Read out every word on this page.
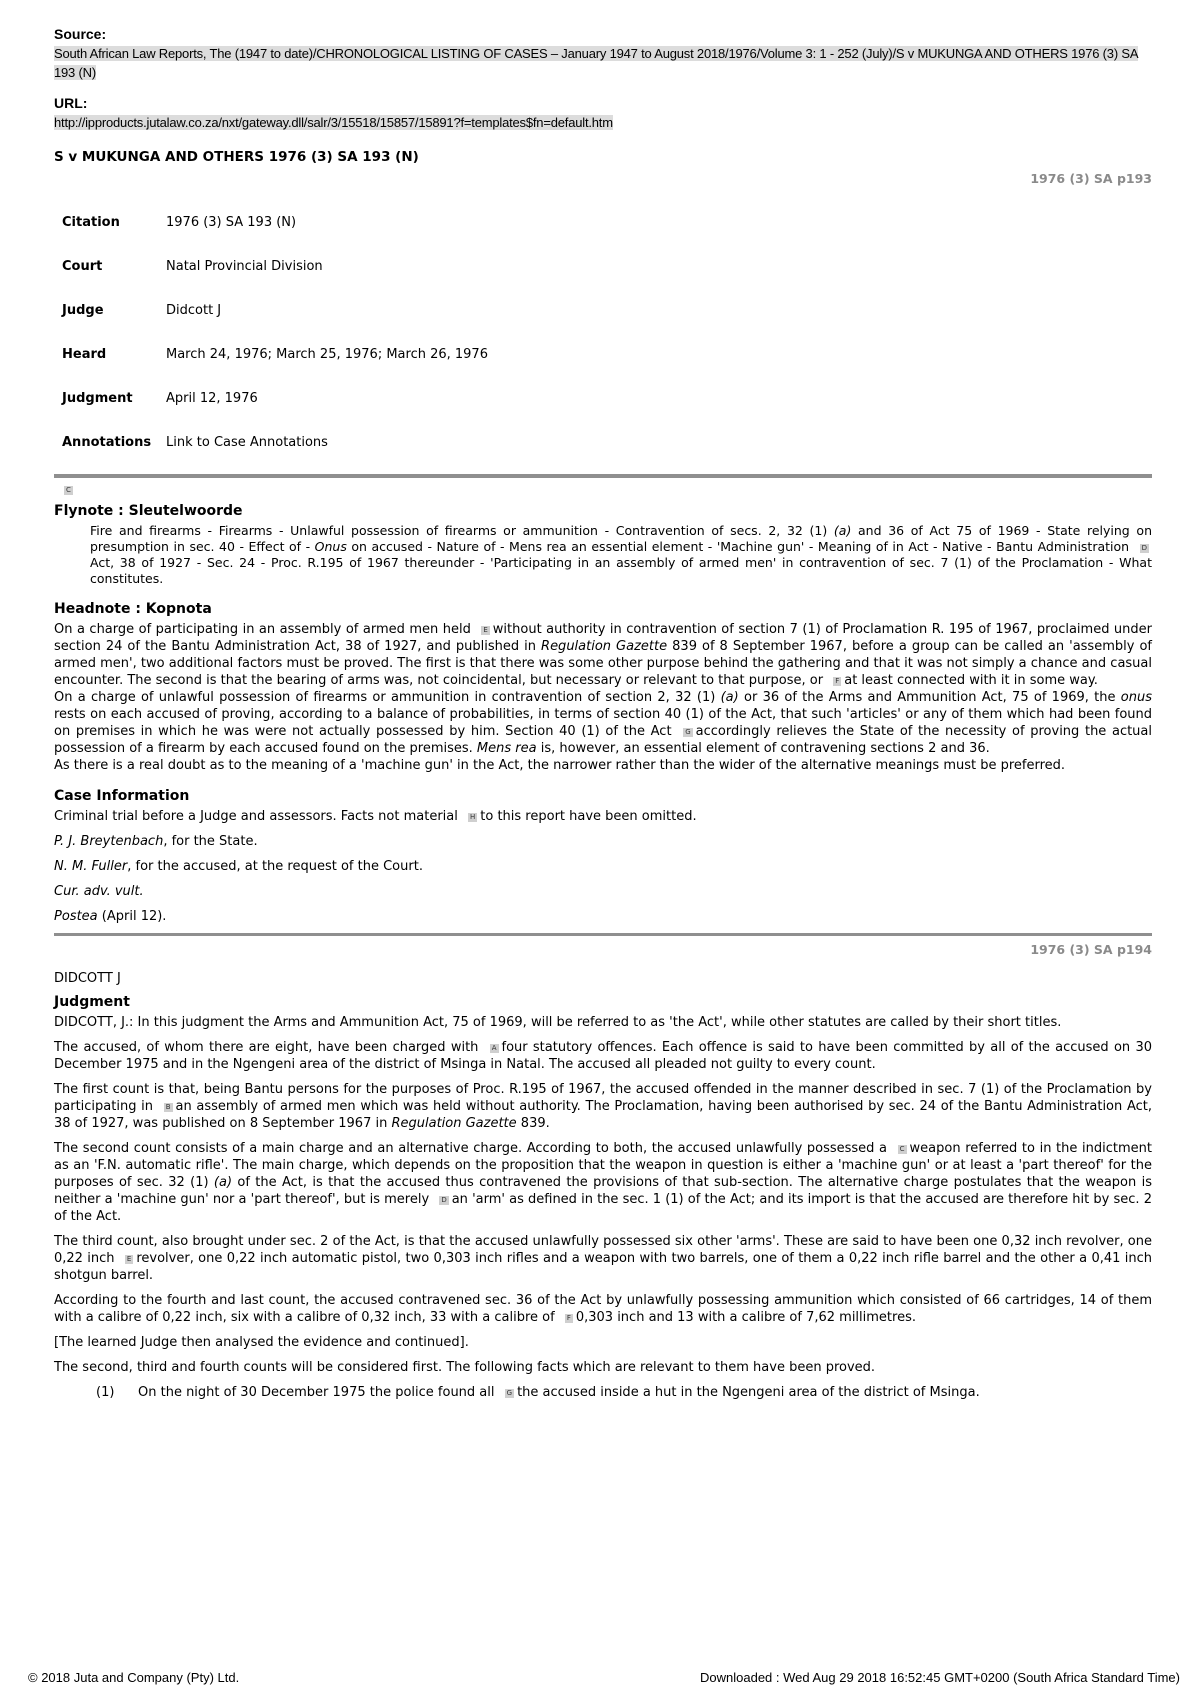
Source:
South African Law Reports, The (1947 to date)/CHRONOLOGICAL LISTING OF CASES – January 1947 to August 2018/1976/Volume 3: 1 - 252 (July)/S v MUKUNGA AND OTHERS 1976 (3) SA 193 (N)
URL:
http://ipproducts.jutalaw.co.za/nxt/gateway.dll/salr/3/15518/15857/15891?f=templates$fn=default.htm
S v MUKUNGA AND OTHERS 1976 (3) SA 193 (N)
1976 (3) SA p193
Citation	1976 (3) SA 193 (N)
Court	Natal Provincial Division
Judge	Didcott J
Heard	March 24, 1976; March 25, 1976; March 26, 1976
Judgment	April 12, 1976
Annotations	Link to Case Annotations
C
Flynote : Sleutelwoorde
Fire and firearms - Firearms - Unlawful possession of firearms or ammunition - Contravention of secs. 2, 32 (1) (a) and 36 of Act 75 of 1969 - State relying on presumption in sec. 40 - Effect of - Onus on accused - Nature of - Mens rea an essential element - 'Machine gun' - Meaning of in Act - Native - Bantu Administration DAct, 38 of 1927 - Sec. 24 - Proc. R.195 of 1967 thereunder - 'Participating in an assembly of armed men' in contravention of sec. 7 (1) of the Proclamation - What constitutes.
Headnote : Kopnota
On a charge of participating in an assembly of armed men held E without authority in contravention of section 7 (1) of Proclamation R. 195 of 1967, proclaimed under section 24 of the Bantu Administration Act, 38 of 1927, and published in Regulation Gazette 839 of 8 September 1967, before a group can be called an 'assembly of armed men', two additional factors must be proved. The first is that there was some other purpose behind the gathering and that it was not simply a chance and casual encounter. The second is that the bearing of arms was, not coincidental, but necessary or relevant to that purpose, or F at least connected with it in some way.
On a charge of unlawful possession of firearms or ammunition in contravention of section 2, 32 (1) (a) or 36 of the Arms and Ammunition Act, 75 of 1969, the onus rests on each accused of proving, according to a balance of probabilities, in terms of section 40 (1) of the Act, that such 'articles' or any of them which had been found on premises in which he was were not actually possessed by him. Section 40 (1) of the Act G accordingly relieves the State of the necessity of proving the actual possession of a firearm by each accused found on the premises. Mens rea is, however, an essential element of contravening sections 2 and 36.
As there is a real doubt as to the meaning of a 'machine gun' in the Act, the narrower rather than the wider of the alternative meanings must be preferred.
Case Information
Criminal trial before a Judge and assessors. Facts not material H to this report have been omitted.
P. J. Breytenbach, for the State.
N. M. Fuller, for the accused, at the request of the Court.
Cur. adv. vult.
Postea (April 12).
1976 (3) SA p194
DIDCOTT J
Judgment
DIDCOTT, J.: In this judgment the Arms and Ammunition Act, 75 of 1969, will be referred to as 'the Act', while other statutes are called by their short titles.
The accused, of whom there are eight, have been charged with A four statutory offences. Each offence is said to have been committed by all of the accused on 30 December 1975 and in the Ngengeni area of the district of Msinga in Natal. The accused all pleaded not guilty to every count.
The first count is that, being Bantu persons for the purposes of Proc. R.195 of 1967, the accused offended in the manner described in sec. 7 (1) of the Proclamation by participating in B an assembly of armed men which was held without authority. The Proclamation, having been authorised by sec. 24 of the Bantu Administration Act, 38 of 1927, was published on 8 September 1967 in Regulation Gazette 839.
The second count consists of a main charge and an alternative charge. According to both, the accused unlawfully possessed a C weapon referred to in the indictment as an 'F.N. automatic rifle'. The main charge, which depends on the proposition that the weapon in question is either a 'machine gun' or at least a 'part thereof' for the purposes of sec. 32 (1) (a) of the Act, is that the accused thus contravened the provisions of that sub-section. The alternative charge postulates that the weapon is neither a 'machine gun' nor a 'part thereof', but is merely D an 'arm' as defined in the sec. 1 (1) of the Act; and its import is that the accused are therefore hit by sec. 2 of the Act.
The third count, also brought under sec. 2 of the Act, is that the accused unlawfully possessed six other 'arms'. These are said to have been one 0,32 inch revolver, one 0,22 inch E revolver, one 0,22 inch automatic pistol, two 0,303 inch rifles and a weapon with two barrels, one of them a 0,22 inch rifle barrel and the other a 0,41 inch shotgun barrel.
According to the fourth and last count, the accused contravened sec. 36 of the Act by unlawfully possessing ammunition which consisted of 66 cartridges, 14 of them with a calibre of 0,22 inch, six with a calibre of 0,32 inch, 33 with a calibre of F 0,303 inch and 13 with a calibre of 7,62 millimetres.
[The learned Judge then analysed the evidence and continued].
The second, third and fourth counts will be considered first. The following facts which are relevant to them have been proved.
(1) On the night of 30 December 1975 the police found all G the accused inside a hut in the Ngengeni area of the district of Msinga.
© 2018 Juta and Company (Pty) Ltd.	Downloaded : Wed Aug 29 2018 16:52:45 GMT+0200 (South Africa Standard Time)
